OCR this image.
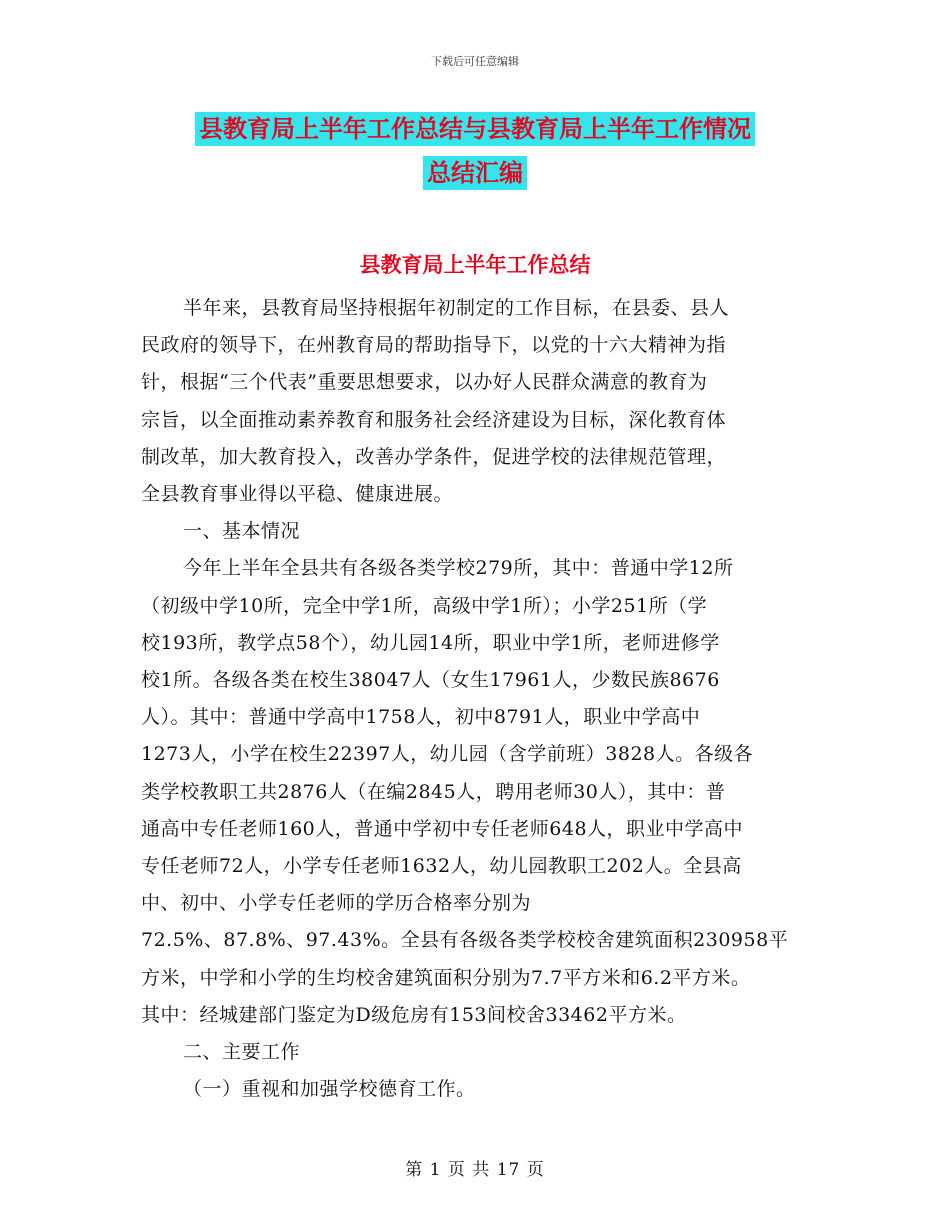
下载后可任意编辑
县教育局上半年工作总结与县教育局上半年工作情况
总结汇编
县教育局上半年工作总结

半年来，县教育局坚持根据年初制定的工作目标，在县委、县人

民政府的领导下，在州教育局的帮助指导下，以党的十六大精神为指

针，根据“三个代表”重要思想要求，以办好人民群众满意的教育为

宗旨，以全面推动素养教育和服务社会经济建设为目标，深化教育体

制改革，加大教育投入，改善办学条件，促进学校的法律规范管理，

全县教育事业得以平稳、健康进展。

一、基本情况

今年上半年全县共有各级各类学校279所，其中：普通中学12所

（初级中学10所，完全中学1所，高级中学1所）；小学251所（学

校193所，教学点58个），幼儿园14所，职业中学1所，老师进修学

校1所。各级各类在校生38047人（女生17961人，少数民族8676

人）。其中：普通中学高中1758人，初中8791人，职业中学高中

1273人，小学在校生22397人，幼儿园（含学前班）3828人。各级各

类学校教职工共2876人（在编2845人，聘用老师30人），其中：普

通高中专任老师160人，普通中学初中专任老师648人，职业中学高中

专任老师72人，小学专任老师1632人，幼儿园教职工202人。全县高

中、初中、小学专任老师的学历合格率分别为

72.5%、87.8%、97.43%。全县有各级各类学校校舍建筑面积230958平

方米，中学和小学的生均校舍建筑面积分别为7.7平方米和6.2平方米。

其中：经城建部门鉴定为D级危房有153间校舍33462平方米。

二、主要工作

（一）重视和加强学校德育工作。

第 1 页 共 17 页
